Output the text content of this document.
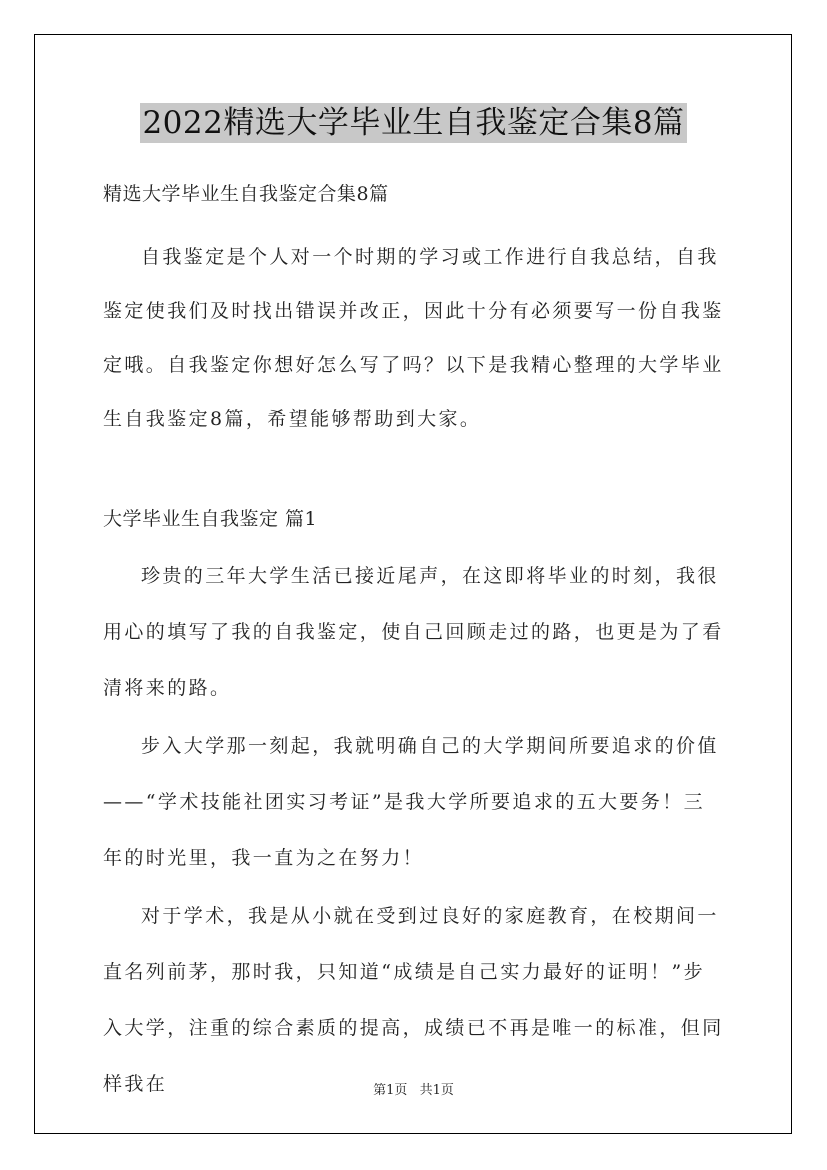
2022精选大学毕业生自我鉴定合集8篇
精选大学毕业生自我鉴定合集8篇

自我鉴定是个人对一个时期的学习或工作进行自我总结，自我鉴定使我们及时找出错误并改正，因此十分有必须要写一份自我鉴定哦。自我鉴定你想好怎么写了吗？以下是我精心整理的大学毕业生自我鉴定8篇，希望能够帮助到大家。

大学毕业生自我鉴定 篇1

珍贵的三年大学生活已接近尾声，在这即将毕业的时刻，我很用心的填写了我的自我鉴定，使自己回顾走过的路，也更是为了看清将来的路。

步入大学那一刻起，我就明确自己的大学期间所要追求的价值——“学术技能社团实习考证”是我大学所要追求的五大要务！三年的时光里，我一直为之在努力！

对于学术，我是从小就在受到过良好的家庭教育，在校期间一直名列前茅，那时我，只知道“成绩是自己实力最好的证明！”步入大学，注重的综合素质的提高，成绩已不再是唯一的标准，但同样我在	第1页 共1页
